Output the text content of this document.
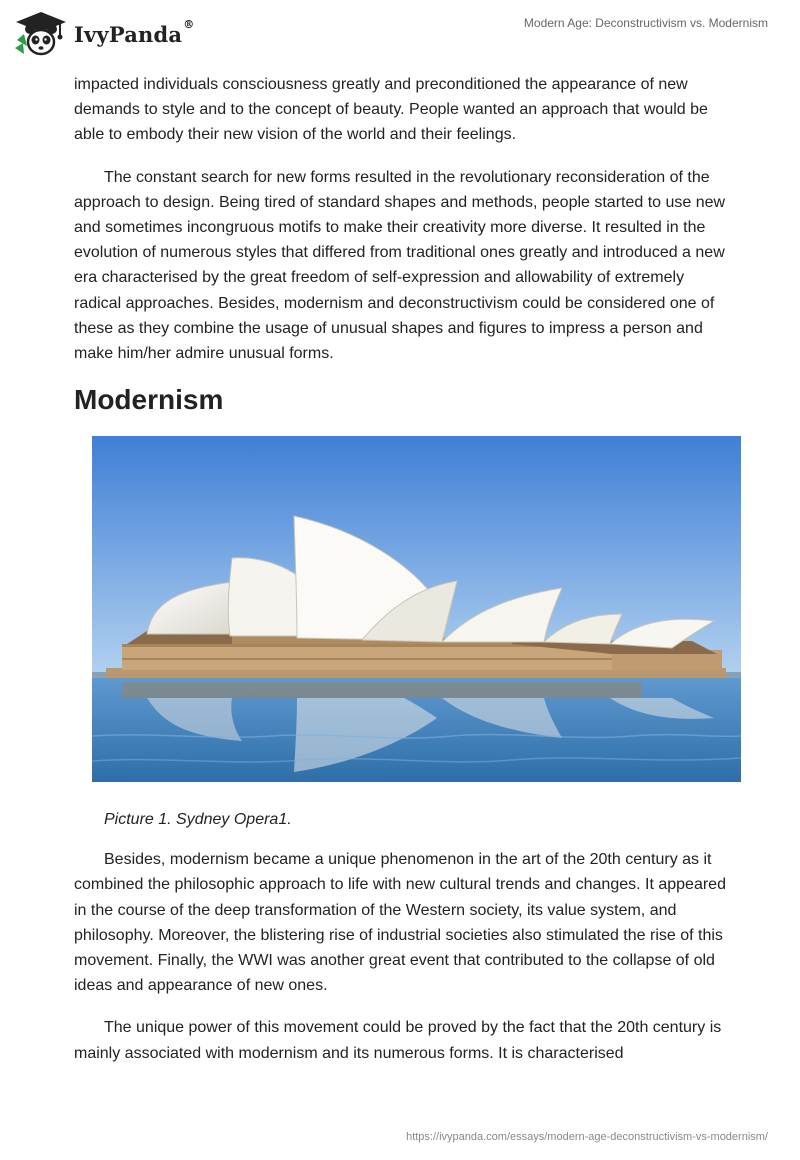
IvyPanda®	Modern Age: Deconstructivism vs. Modernism

impacted individuals consciousness greatly and preconditioned the appearance of new demands to style and to the concept of beauty. People wanted an approach that would be able to embody their new vision of the world and their feelings.

The constant search for new forms resulted in the revolutionary reconsideration of the approach to design. Being tired of standard shapes and methods, people started to use new and sometimes incongruous motifs to make their creativity more diverse. It resulted in the evolution of numerous styles that differed from traditional ones greatly and introduced a new era characterised by the great freedom of self-expression and allowability of extremely radical approaches. Besides, modernism and deconstructivism could be considered one of these as they combine the usage of unusual shapes and figures to impress a person and make him/her admire unusual forms.

Modernism
Picture 1. Sydney Opera1.

Besides, modernism became a unique phenomenon in the art of the 20th century as it combined the philosophic approach to life with new cultural trends and changes. It appeared in the course of the deep transformation of the Western society, its value system, and philosophy. Moreover, the blistering rise of industrial societies also stimulated the rise of this movement. Finally, the WWI was another great event that contributed to the collapse of old ideas and appearance of new ones.

The unique power of this movement could be proved by the fact that the 20th century is mainly associated with modernism and its numerous forms. It is characterised

https://ivypanda.com/essays/modern-age-deconstructivism-vs-modernism/
